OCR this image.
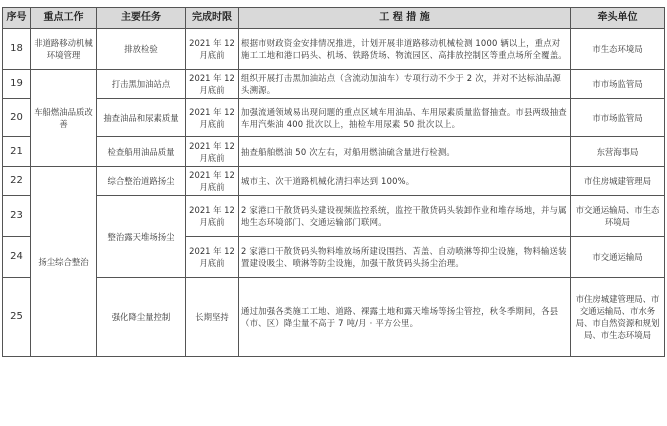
序号	重点工作	主要任务	完成时限	工 程 措 施	牵头单位
18	非道路移动机械环境管理	排放检验	2021 年 12 月底前	根据市财政资金安排情况推进，计划开展非道路移动机械检测 1000 辆以上，重点对施工工地和港口码头、机场、铁路货场、物流园区、高排放控制区等重点场所全覆盖。	市生态环境局
19	车船燃油品质改善	打击黑加油站点	2021 年 12 月底前	组织开展打击黑加油站点（含流动加油车）专项行动不少于 2 次，并对不达标油品源头溯源。	市市场监管局
20		抽查油品和尿素质量	2021 年 12 月底前	加强流通领域易出现问题的重点区域车用油品、车用尿素质量监督抽查。市县两级抽查车用汽柴油 400 批次以上，抽检车用尿素 50 批次以上。	市市场监管局
21		检查船用油品质量	2021 年 12 月底前	抽查船舶燃油 50 次左右，对船用燃油硫含量进行检测。	东营海事局
22	扬尘综合整治	综合整治道路扬尘	2021 年 12 月底前	城市主、次干道路机械化清扫率达到 100%。	市住房城建管理局
23		整治露天堆场扬尘	2021 年 12 月底前	2 家港口干散货码头建设视频监控系统，监控干散货码头装卸作业和堆存场地，并与属地生态环境部门、交通运输部门联网。	市交通运输局、市生态环境局
24			2021 年 12 月底前	2 家港口干散货码头物料堆放场所建设围挡、苫盖、自动喷淋等抑尘设施，物料输送装置建设吸尘、喷淋等防尘设施，加强干散货码头扬尘治理。	市交通运输局
25		强化降尘量控制	长期坚持	通过加强各类施工工地、道路、裸露土地和露天堆场等扬尘管控，秋冬季期间，各县（市、区）降尘量不高于 7 吨/月 · 平方公里。	市住房城建管理局、市交通运输局、市水务局、市自然资源和规划局、市生态环境局
